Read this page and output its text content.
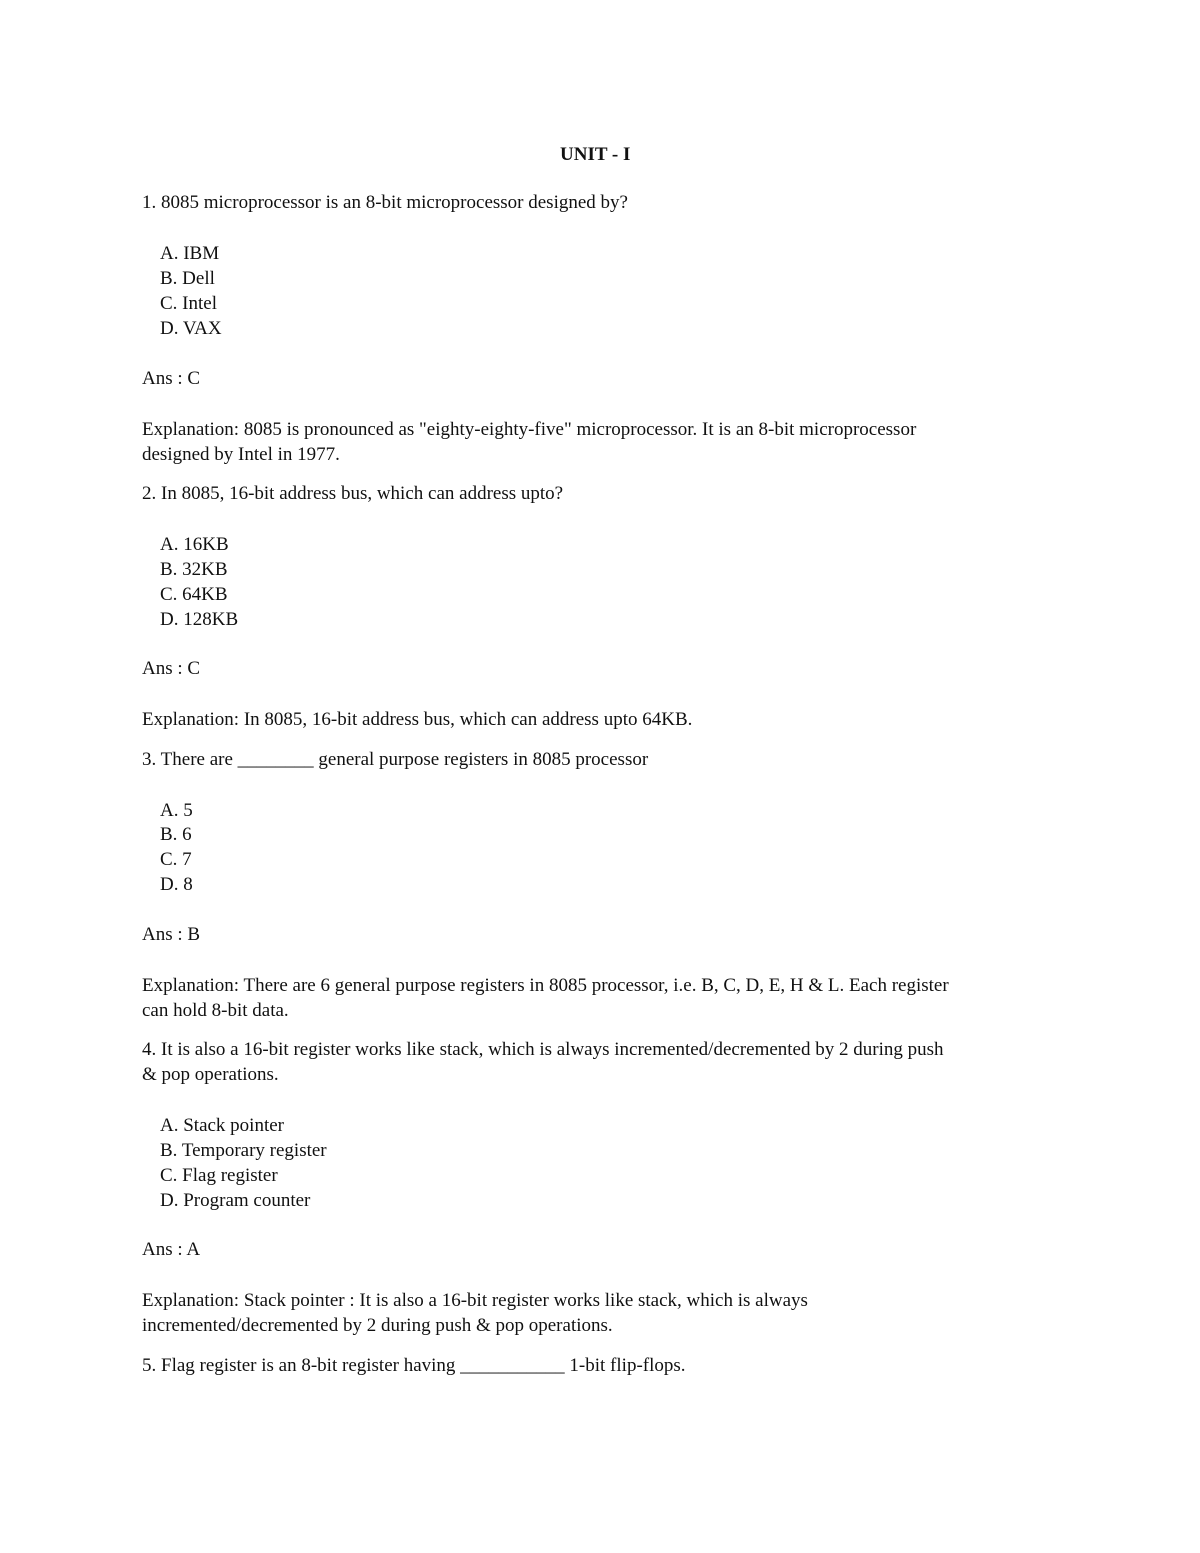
UNIT - I
1. 8085 microprocessor is an 8-bit microprocessor designed by?
A. IBM
B. Dell
C. Intel
D. VAX
Ans : C
Explanation: 8085 is pronounced as "eighty-eighty-five" microprocessor. It is an 8-bit microprocessor
designed by Intel in 1977.
2. In 8085, 16-bit address bus, which can address upto?
A. 16KB
B. 32KB
C. 64KB
D. 128KB
Ans : C
Explanation: In 8085, 16-bit address bus, which can address upto 64KB.
3. There are ________ general purpose registers in 8085 processor
A. 5
B. 6
C. 7
D. 8
Ans : B
Explanation: There are 6 general purpose registers in 8085 processor, i.e. B, C, D, E, H & L. Each register
can hold 8-bit data.
4. It is also a 16-bit register works like stack, which is always incremented/decremented by 2 during push
& pop operations.
A. Stack pointer
B. Temporary register
C. Flag register
D. Program counter
Ans : A
Explanation: Stack pointer : It is also a 16-bit register works like stack, which is always
incremented/decremented by 2 during push & pop operations.
5. Flag register is an 8-bit register having ___________ 1-bit flip-flops.
